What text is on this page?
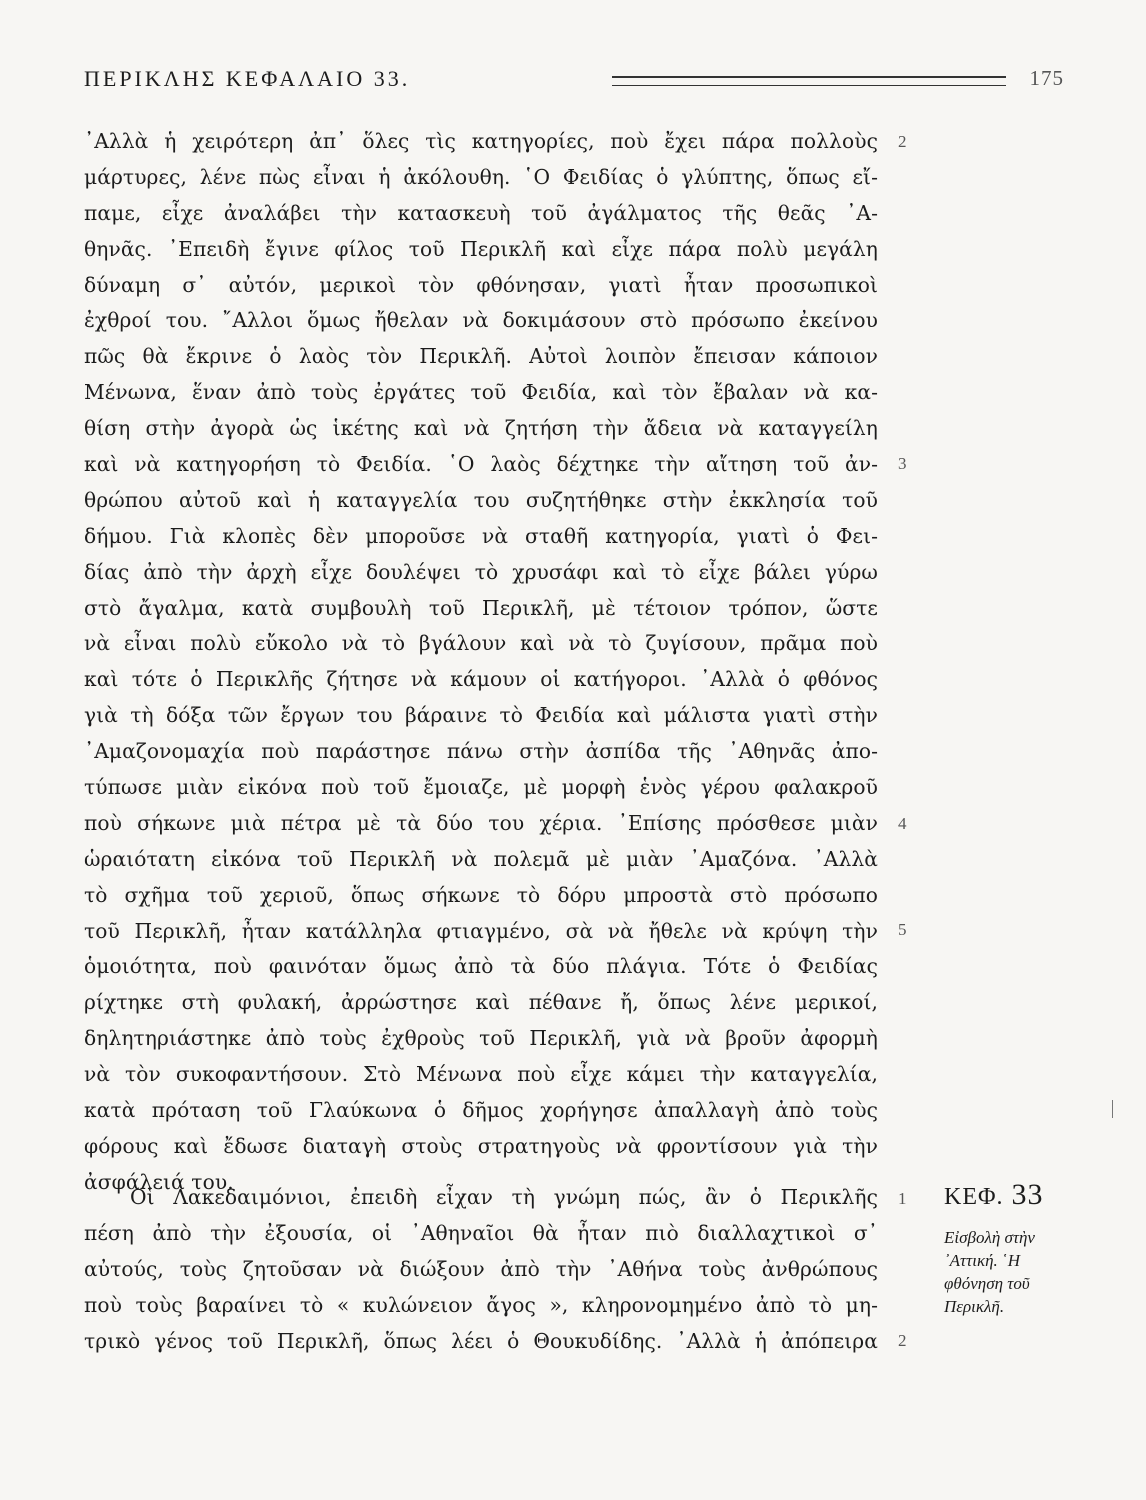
ΠΕΡΙΚΛΗΣ ΚΕΦΑΛΑΙΟ 33.	175
᾿Αλλὰ ἡ χειρότερη ἀπ᾿ ὅλες τὶς κατηγορίες, ποὺ ἔχει πάρα πολλοὺς
μάρτυρες, λένε πὼς εἶναι ἡ ἀκόλουθη. ῾Ο Φειδίας ὁ γλύπτης, ὅπως εἴ-
παμε, εἶχε ἀναλάβει τὴν κατασκευὴ τοῦ ἀγάλματος τῆς θεᾶς ᾿Α-
θηνᾶς. ᾿Επειδὴ ἔγινε φίλος τοῦ Περικλῆ καὶ εἶχε πάρα πολὺ μεγάλη
δύναμη σ᾿ αὐτόν, μερικοὶ τὸν φθόνησαν, γιατὶ ἦταν προσωπικοὶ
ἐχθροί του. ῎Αλλοι ὅμως ἤθελαν νὰ δοκιμάσουν στὸ πρόσωπο ἐκείνου
πῶς θὰ ἔκρινε ὁ λαὸς τὸν Περικλῆ. Αὐτοὶ λοιπὸν ἔπεισαν κάποιον
Μένωνα, ἕναν ἀπὸ τοὺς ἐργάτες τοῦ Φειδία, καὶ τὸν ἔβαλαν νὰ κα-
θίση στὴν ἀγορὰ ὡς ἱκέτης καὶ νὰ ζητήση τὴν ἄδεια νὰ καταγγείλη
καὶ νὰ κατηγορήση τὸ Φειδία. ῾Ο λαὸς δέχτηκε τὴν αἴτηση τοῦ ἀν-
θρώπου αὐτοῦ καὶ ἡ καταγγελία του συζητήθηκε στὴν ἐκκλησία τοῦ
δήμου. Γιὰ κλοπὲς δὲν μποροῦσε νὰ σταθῆ κατηγορία, γιατὶ ὁ Φει-
δίας ἀπὸ τὴν ἀρχὴ εἶχε δουλέψει τὸ χρυσάφι καὶ τὸ εἶχε βάλει γύρω
στὸ ἄγαλμα, κατὰ συμβουλὴ τοῦ Περικλῆ, μὲ τέτοιον τρόπον, ὥστε
νὰ εἶναι πολὺ εὔκολο νὰ τὸ βγάλουν καὶ νὰ τὸ ζυγίσουν, πρᾶμα ποὺ
καὶ τότε ὁ Περικλῆς ζήτησε νὰ κάμουν οἱ κατήγοροι. ᾿Αλλὰ ὁ φθόνος
γιὰ τὴ δόξα τῶν ἔργων του βάραινε τὸ Φειδία καὶ μάλιστα γιατὶ στὴν
᾿Αμαζονομαχία ποὺ παράστησε πάνω στὴν ἀσπίδα τῆς ᾿Αθηνᾶς ἀπο-
τύπωσε μιὰν εἰκόνα ποὺ τοῦ ἔμοιαζε, μὲ μορφὴ ἑνὸς γέρου φαλακροῦ
ποὺ σήκωνε μιὰ πέτρα μὲ τὰ δύο του χέρια. ᾿Επίσης πρόσθεσε μιὰν
ὡραιότατη εἰκόνα τοῦ Περικλῆ νὰ πολεμᾶ μὲ μιὰν ᾿Αμαζόνα. ᾿Αλλὰ
τὸ σχῆμα τοῦ χεριοῦ, ὅπως σήκωνε τὸ δόρυ μπροστὰ στὸ πρόσωπο
τοῦ Περικλῆ, ἦταν κατάλληλα φτιαγμένο, σὰ νὰ ἤθελε νὰ κρύψη τὴν
ὁμοιότητα, ποὺ φαινόταν ὅμως ἀπὸ τὰ δύο πλάγια. Τότε ὁ Φειδίας
ρίχτηκε στὴ φυλακή, ἀρρώστησε καὶ πέθανε ἤ, ὅπως λένε μερικοί,
δηλητηριάστηκε ἀπὸ τοὺς ἐχθροὺς τοῦ Περικλῆ, γιὰ νὰ βροῦν ἀφορμὴ
νὰ τὸν συκοφαντήσουν. Στὸ Μένωνα ποὺ εἶχε κάμει τὴν καταγγελία,
κατὰ πρόταση τοῦ Γλαύκωνα ὁ δῆμος χορήγησε ἀπαλλαγὴ ἀπὸ τοὺς
φόρους καὶ ἔδωσε διαταγὴ στοὺς στρατηγοὺς νὰ φροντίσουν γιὰ τὴν
ἀσφάλειά του.
Οἱ Λακεδαιμόνιοι, ἐπειδὴ εἶχαν τὴ γνώμη πώς, ἂν ὁ Περικλῆς
πέση ἀπὸ τὴν ἐξουσία, οἱ ᾿Αθηναῖοι θὰ ἦταν πιὸ διαλλαχτικοὶ σ᾿
αὐτούς, τοὺς ζητοῦσαν νὰ διώξουν ἀπὸ τὴν ᾿Αθήνα τοὺς ἀνθρώπους
ποὺ τοὺς βαραίνει τὸ « κυλώνειον ἄγος », κληρονομημένο ἀπὸ τὸ μη-
τρικὸ γένος τοῦ Περικλῆ, ὅπως λέει ὁ Θουκυδίδης. ᾿Αλλὰ ἡ ἀπόπειρα
2
3
4
5
1
2
ΚΕΦ. 33
Εἰσβολὴ στὴν ᾿Αττική. ῾Η φθόνηση τοῦ Περικλῆ.
